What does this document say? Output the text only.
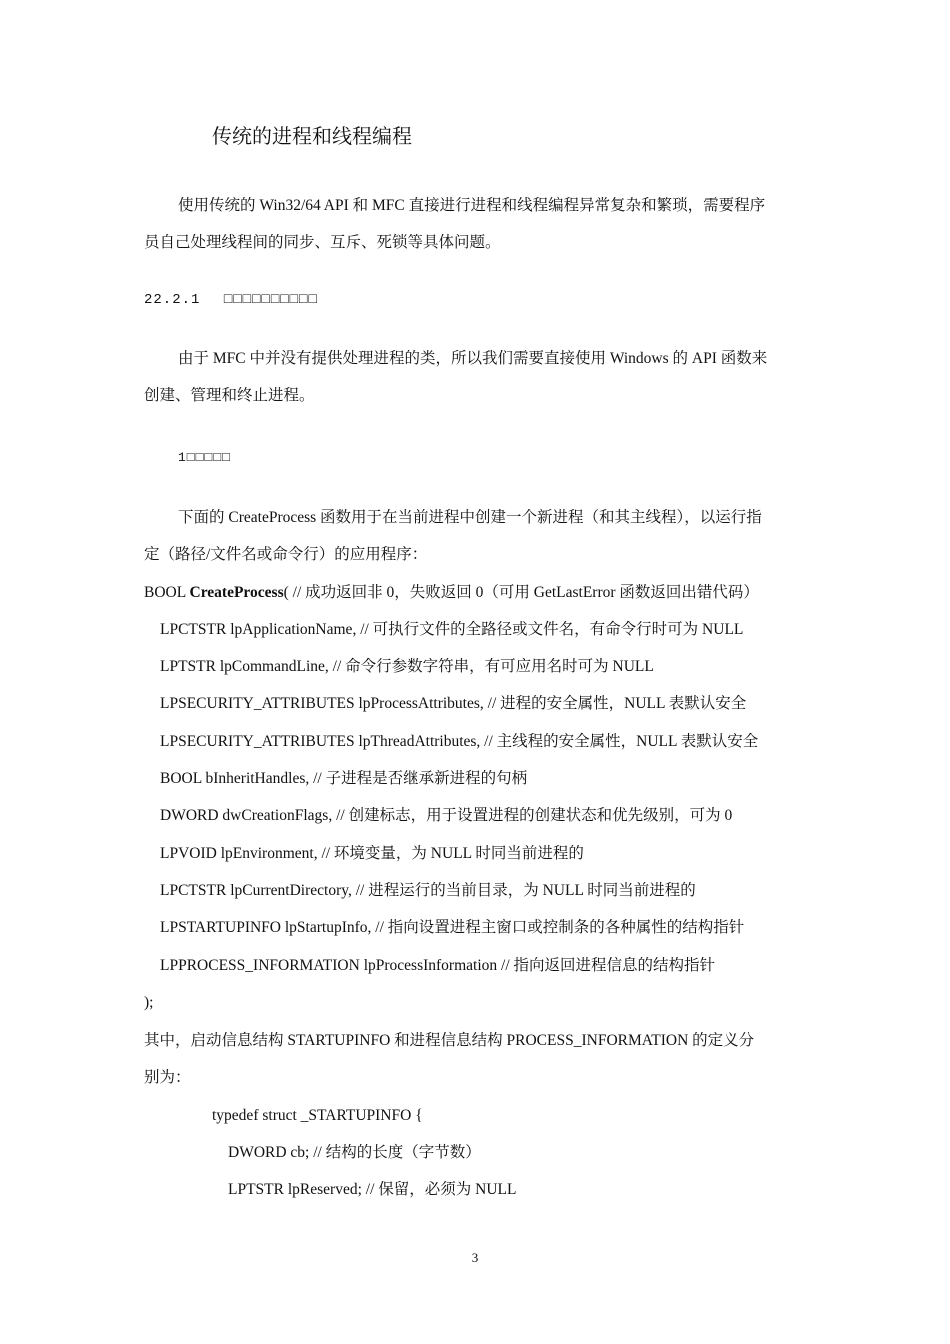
传统的进程和线程编程
使用传统的 Win32/64 API 和 MFC 直接进行进程和线程编程异常复杂和繁琐，需要程序
员自己处理线程间的同步、互斥、死锁等具体问题。
22.2.1 □□□□□□□□□□
由于 MFC 中并没有提供处理进程的类，所以我们需要直接使用 Windows 的 API 函数来
创建、管理和终止进程。
1□□□□□
下面的 CreateProcess 函数用于在当前进程中创建一个新进程（和其主线程），以运行指
定（路径/文件名或命令行）的应用程序：
BOOL CreateProcess( // 成功返回非 0，失败返回 0（可用 GetLastError 函数返回出错代码）
LPCTSTR lpApplicationName, // 可执行文件的全路径或文件名，有命令行时可为 NULL
LPTSTR lpCommandLine, // 命令行参数字符串，有可应用名时可为 NULL
LPSECURITY_ATTRIBUTES lpProcessAttributes, // 进程的安全属性，NULL 表默认安全
LPSECURITY_ATTRIBUTES lpThreadAttributes, // 主线程的安全属性，NULL 表默认安全
BOOL bInheritHandles, // 子进程是否继承新进程的句柄
DWORD dwCreationFlags, // 创建标志，用于设置进程的创建状态和优先级别，可为 0
LPVOID lpEnvironment, // 环境变量，为 NULL 时同当前进程的
LPCTSTR lpCurrentDirectory, // 进程运行的当前目录，为 NULL 时同当前进程的
LPSTARTUPINFO lpStartupInfo, // 指向设置进程主窗口或控制条的各种属性的结构指针
LPPROCESS_INFORMATION lpProcessInformation // 指向返回进程信息的结构指针
);
其中，启动信息结构 STARTUPINFO 和进程信息结构 PROCESS_INFORMATION 的定义分
别为：
typedef struct _STARTUPINFO {
DWORD cb; // 结构的长度（字节数）
LPTSTR lpReserved; // 保留，必须为 NULL
3
